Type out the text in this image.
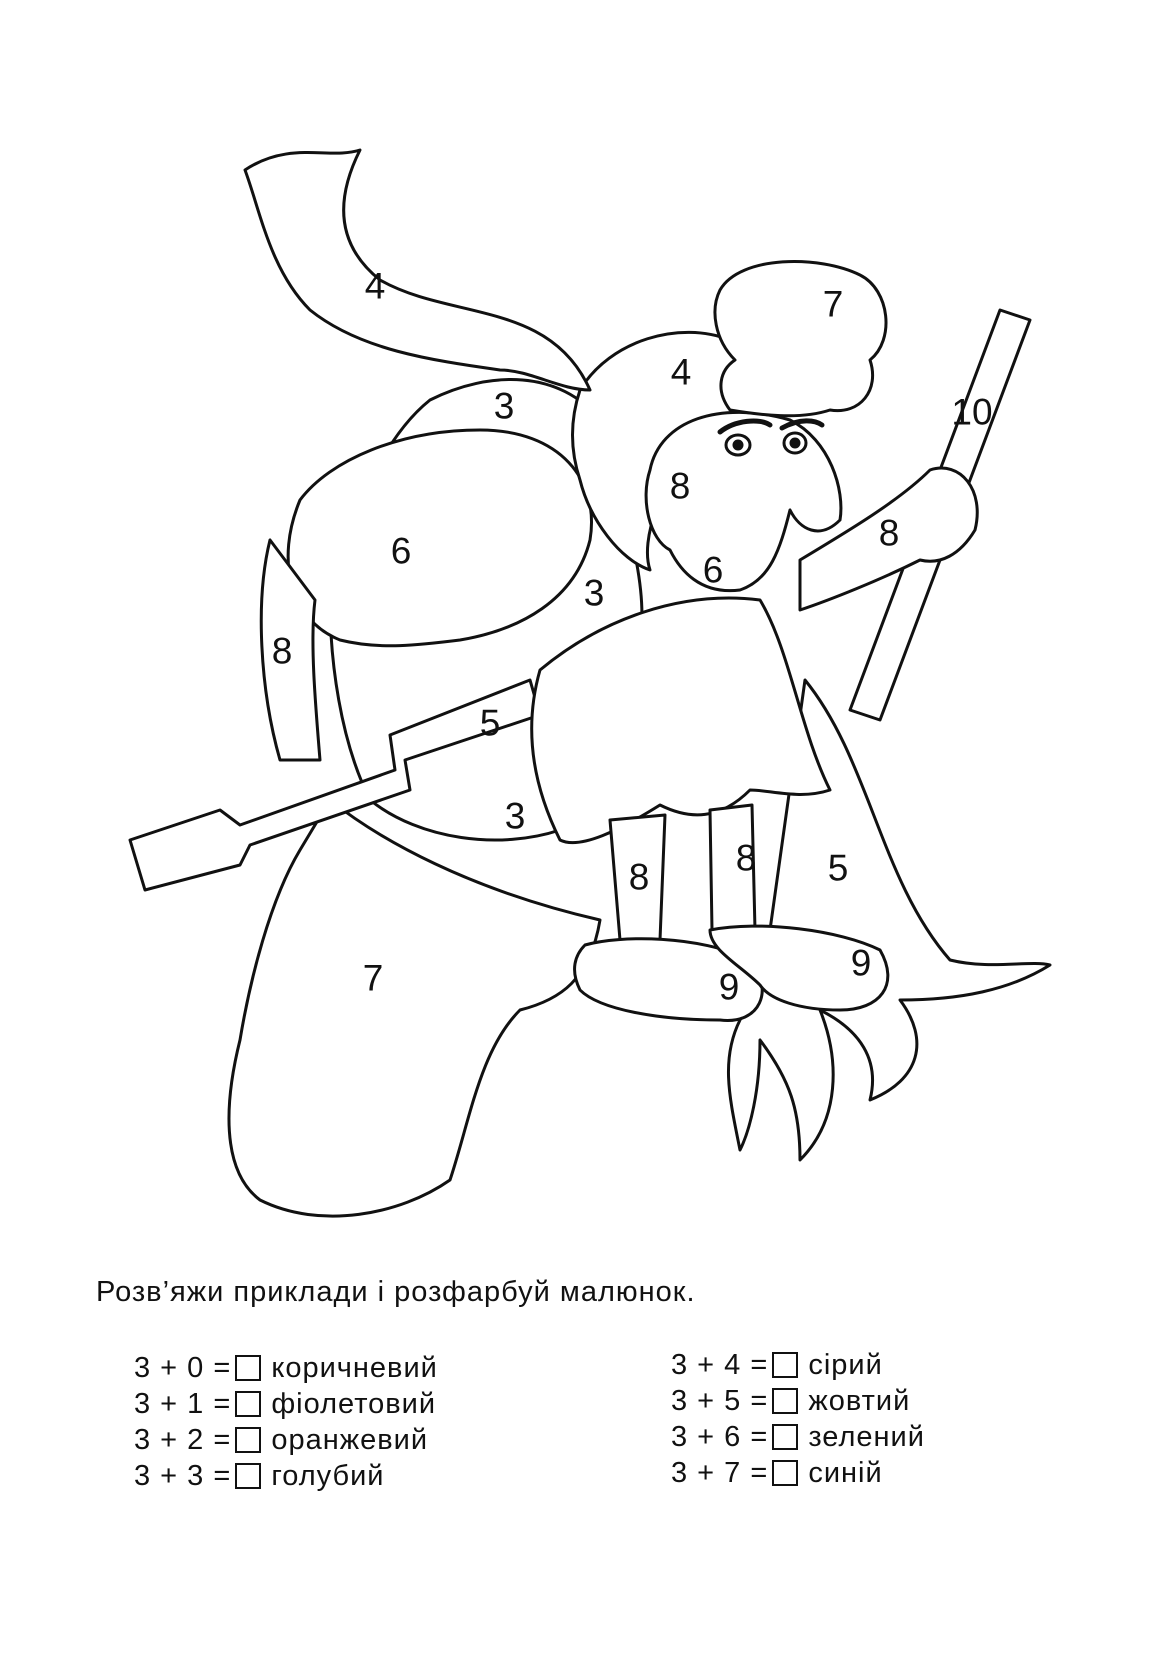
4	7
4
10
3
8
8
6	6
3
8
5
3
8 8 5
7	9
9
Розв’яжи приклади і розфарбуй малюнок.
3 + 0 = коричневий
3 + 1 = фіолетовий
3 + 2 = оранжевий
3 + 3 = голубий
3 + 4 = сірий
3 + 5 = жовтий
3 + 6 = зелений
3 + 7 = синій
